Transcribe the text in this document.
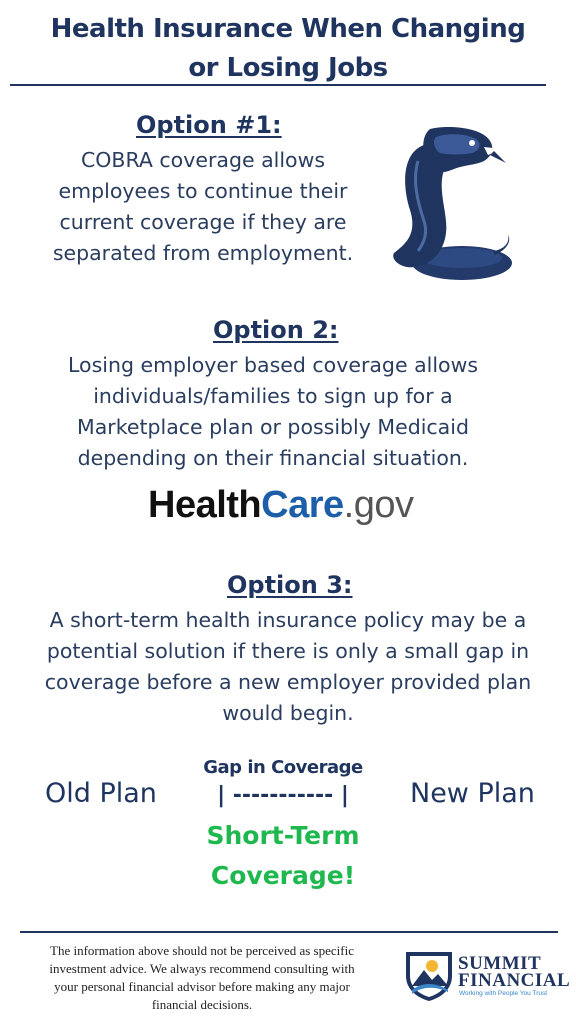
Health Insurance When Changing
or Losing Jobs
Option #1:
COBRA coverage allows
employees to continue their
current coverage if they are
separated from employment.
Option 2:
Losing employer based coverage allows
individuals/families to sign up for a
Marketplace plan or possibly Medicaid
depending on their financial situation.
HealthCare.gov
Option 3:
A short-term health insurance policy may be a
potential solution if there is only a small gap in
coverage before a new employer provided plan
would begin.
Old Plan
Gap in Coverage
| ----------- |	New Plan
Short-Term
Coverage!
The information above should not be perceived as specific
investment advice. We always recommend consulting with
your personal financial advisor before making any major
financial decisions.
SUMMIT
FINANCIAL
Working with People You Trust
